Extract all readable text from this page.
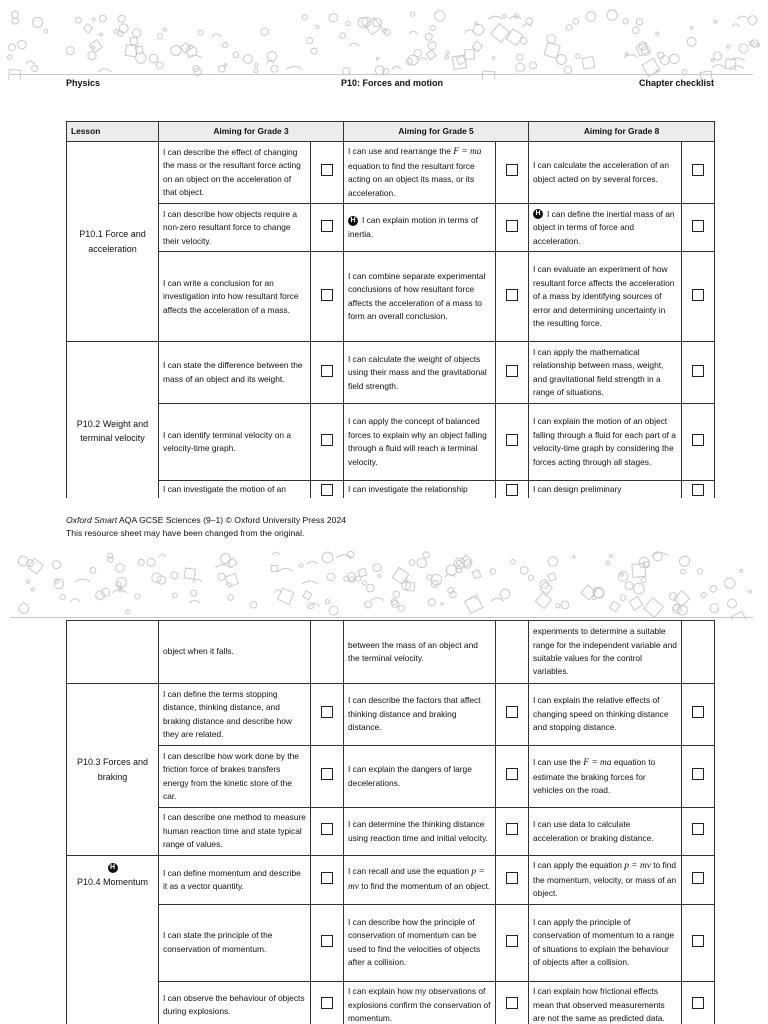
Physics	P10: Forces and motion	Chapter checklist
Lesson	Aiming for Grade 3		Aiming for Grade 5		Aiming for Grade 8	
P10.1 Force and acceleration	I can describe the effect of changing the mass or the resultant force acting on an object on the acceleration of that object.		I can use and rearrange the F = ma equation to find the resultant force acting on an object its mass, or its acceleration.		I can calculate the acceleration of an object acted on by several forces.	
	I can describe how objects require a non-zero resultant force to change their velocity.		H I can explain motion in terms of inertia.		H I can define the inertial mass of an object in terms of force and acceleration.	
	I can write a conclusion for an investigation into how resultant force affects the acceleration of a mass.		I can combine separate experimental conclusions of how resultant force affects the acceleration of a mass to form an overall conclusion.		I can evaluate an experiment of how resultant force affects the acceleration of a mass by identifying sources of error and determining uncertainty in the resulting force.	
P10.2 Weight and terminal velocity	I can state the difference between the mass of an object and its weight.		I can calculate the weight of objects using their mass and the gravitational field strength.		I can apply the mathematical relationship between mass, weight, and gravitational field strength in a range of situations.	
	I can identify terminal velocity on a velocity-time graph.		I can apply the concept of balanced forces to explain why an object falling through a fluid will reach a terminal velocity.		I can explain the motion of an object falling through a fluid for each part of a velocity-time graph by considering the forces acting through all stages.	
	I can investigate the motion of an		I can investigate the relationship		I can design preliminary	
Oxford Smart AQA GCSE Sciences (9–1) © Oxford University Press 2024
This resource sheet may have been changed from the original.
	object when it falls.		between the mass of an object and the terminal velocity.		experiments to determine a suitable range for the independent variable and suitable values for the control variables.	
P10.3 Forces and braking	I can define the terms stopping distance, thinking distance, and braking distance and describe how they are related.		I can describe the factors that affect thinking distance and braking distance.		I can explain the relative effects of changing speed on thinking distance and stopping distance.	
	I can describe how work done by the friction force of brakes transfers energy from the kinetic store of the car.		I can explain the dangers of large decelerations.		I can use the F = ma equation to estimate the braking forces for vehicles on the road.	
	I can describe one method to measure human reaction time and state typical range of values.		I can determine the thinking distance using reaction time and initial velocity.		I can use data to calculate acceleration or braking distance.	

H
P10.4 Momentum	I can define momentum and describe it as a vector quantity.		I can recall and use the equation p = mv to find the momentum of an object.		I can apply the equation p = mv to find the momentum, velocity, or mass of an object.	
	I can state the principle of the conservation of momentum.		I can describe how the principle of conservation of momentum can be used to find the velocities of objects after a collision.		I can apply the principle of conservation of momentum to a range of situations to explain the behaviour of objects after a collision.	
	I can observe the behaviour of objects during explosions.		I can explain how my observations of explosions confirm the conservation of momentum.		I can explain how frictional effects mean that observed measurements are not the same as predicted data.	
